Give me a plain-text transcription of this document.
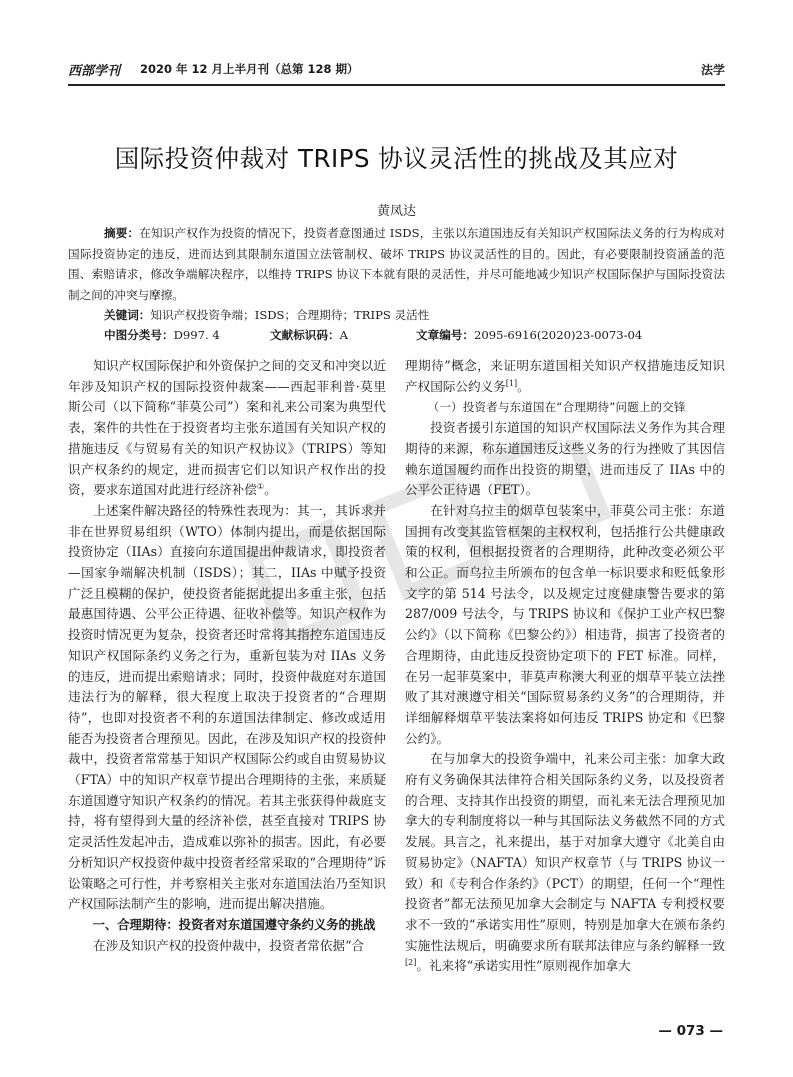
西部学刊 2020 年 12 月上半月刊（总第 128 期）	法学
国际投资仲裁对 TRIPS 协议灵活性的挑战及其应对
黄凤达
摘要：在知识产权作为投资的情况下，投资者意图通过 ISDS，主张以东道国违反有关知识产权国际法义务的行为构成对国际投资协定的违反，进而达到其限制东道国立法管制权、破坏 TRIPS 协议灵活性的目的。因此，有必要限制投资涵盖的范围、索赔请求，修改争端解决程序，以维持 TRIPS 协议下本就有限的灵活性，并尽可能地减少知识产权国际保护与国际投资法制之间的冲突与摩擦。
关键词：知识产权投资争端；ISDS；合理期待；TRIPS 灵活性
中图分类号：D997. 4	文献标识码：A	文章编号：2095-6916(2020)23-0073-04

知识产权国际保护和外资保护之间的交叉和冲突以近年涉及知识产权的国际投资仲裁案——西起菲利普·莫里斯公司（以下简称“菲莫公司”）案和礼来公司案为典型代表，案件的共性在于投资者均主张东道国有关知识产权的措施违反《与贸易有关的知识产权协议》（TRIPS）等知识产权条约的规定，进而损害它们以知识产权作出的投资，要求东道国对此进行经济补偿①。

上述案件解决路径的特殊性表现为：其一，其诉求并非在世界贸易组织（WTO）体制内提出，而是依据国际投资协定（IIAs）直接向东道国提出仲裁请求，即投资者—国家争端解决机制（ISDS）；其二，IIAs 中赋予投资广泛且模糊的保护，使投资者能据此提出多重主张，包括最惠国待遇、公平公正待遇、征收补偿等。知识产权作为投资时情况更为复杂，投资者还时常将其指控东道国违反知识产权国际条约义务之行为，重新包装为对 IIAs 义务的违反，进而提出索赔请求；同时，投资仲裁庭对东道国违法行为的解释，很大程度上取决于投资者的“合理期待”，也即对投资者不利的东道国法律制定、修改或适用能否为投资者合理预见。因此，在涉及知识产权的投资仲裁中，投资者常常基于知识产权国际公约或自由贸易协议（FTA）中的知识产权章节提出合理期待的主张，来质疑东道国遵守知识产权条约的情况。若其主张获得仲裁庭支持，将有望得到大量的经济补偿，甚至直接对 TRIPS 协定灵活性发起冲击，造成难以弥补的损害。因此，有必要分析知识产权投资仲裁中投资者经常采取的“合理期待”诉讼策略之可行性，并考察相关主张对东道国法治乃至知识产权国际法制产生的影响，进而提出解决措施。

一、合理期待：投资者对东道国遵守条约义务的挑战

在涉及知识产权的投资仲裁中，投资者常依据“合

理期待”概念，来证明东道国相关知识产权措施违反知识产权国际公约义务[1]。

（一）投资者与东道国在“合理期待”问题上的交锋

投资者援引东道国的知识产权国际法义务作为其合理期待的来源，称东道国违反这些义务的行为挫败了其因信赖东道国履约而作出投资的期望，进而违反了 IIAs 中的公平公正待遇（FET）。

在针对乌拉圭的烟草包装案中，菲莫公司主张：东道国拥有改变其监管框架的主权权利，包括推行公共健康政策的权利，但根据投资者的合理期待，此种改变必须公平和公正。而乌拉圭所颁布的包含单一标识要求和贬低象形文字的第 514 号法令，以及规定过度健康警告要求的第 287/009 号法令，与 TRIPS 协议和《保护工业产权巴黎公约》（以下简称《巴黎公约》）相违背，损害了投资者的合理期待，由此违反投资协定项下的 FET 标准。同样，在另一起菲莫案中，菲莫声称澳大利亚的烟草平装立法挫败了其对澳遵守相关“国际贸易条约义务”的合理期待，并详细解释烟草平装法案将如何违反 TRIPS 协定和《巴黎公约》。

在与加拿大的投资争端中，礼来公司主张：加拿大政府有义务确保其法律符合相关国际条约义务，以及投资者的合理、支持其作出投资的期望，而礼来无法合理预见加拿大的专利制度将以一种与其国际法义务截然不同的方式发展。具言之，礼来提出，基于对加拿大遵守《北美自由贸易协定》（NAFTA）知识产权章节（与 TRIPS 协议一致）和《专利合作条约》（PCT）的期望，任何一个“理性投资者”都无法预见加拿大会制定与 NAFTA 专利授权要求不一致的“承诺实用性”原则，特别是加拿大在颁布条约实施性法规后，明确要求所有联邦法律应与条约解释一致[2]。礼来将“承诺实用性”原则视作加拿大

— 073 —
